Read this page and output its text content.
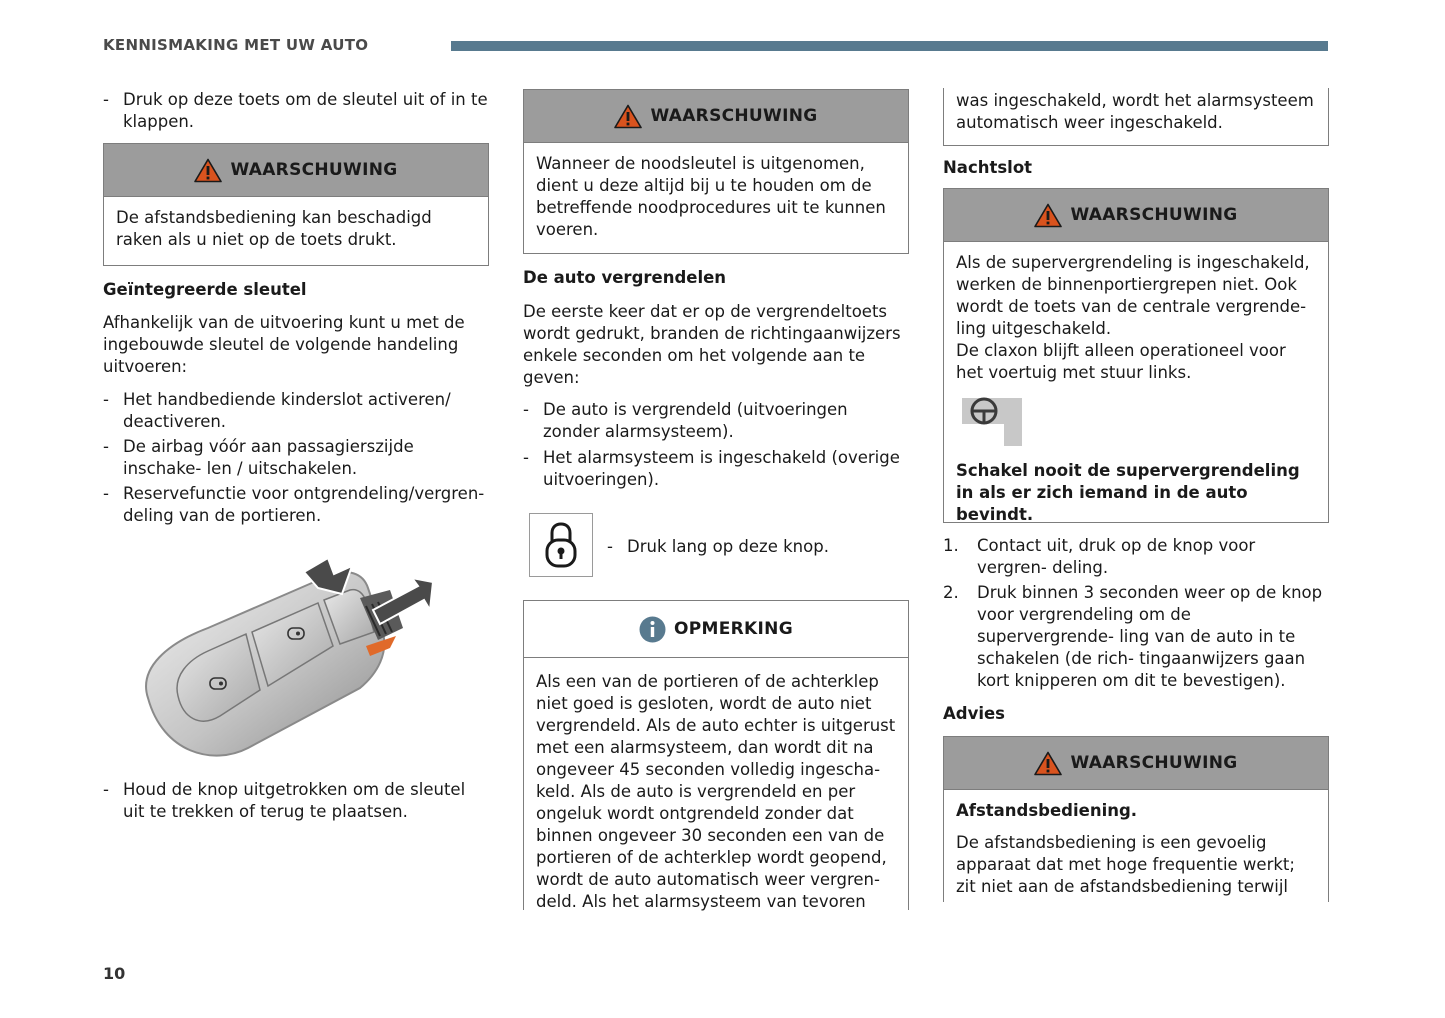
KENNISMAKING MET UW AUTO
- Druk op deze toets om de sleutel uit of in te klappen.
WAARSCHUWING
De afstandsbediening kan beschadigd raken als u niet op de toets drukt.
Geïntegreerde sleutel
Afhankelijk van de uitvoering kunt u met de ingebouwde sleutel de volgende handeling uitvoeren:
- Het handbediende kinderslot activeren/ deactiveren.
- De airbag vóór aan passagierszijde inschake- len / uitschakelen.
- Reservefunctie voor ontgrendeling/vergren- deling van de portieren.
- Houd de knop uitgetrokken om de sleutel uit te trekken of terug te plaatsen.
WAARSCHUWING
Wanneer de noodsleutel is uitgenomen, dient u deze altijd bij u te houden om de betreffende noodprocedures uit te kunnen voeren.
De auto vergrendelen
De eerste keer dat er op de vergrendeltoets wordt gedrukt, branden de richtingaanwijzers enkele seconden om het volgende aan te geven:
- De auto is vergrendeld (uitvoeringen zonder alarmsysteem).
- Het alarmsysteem is ingeschakeld (overige uitvoeringen).
- Druk lang op deze knop.
OPMERKING
Als een van de portieren of de achterklep niet goed is gesloten, wordt de auto niet vergrendeld. Als de auto echter is uitgerust met een alarmsysteem, dan wordt dit na ongeveer 45 seconden volledig ingescha- keld. Als de auto is vergrendeld en per ongeluk wordt ontgrendeld zonder dat binnen ongeveer 30 seconden een van de portieren of de achterklep wordt geopend, wordt de auto automatisch weer vergren- deld. Als het alarmsysteem van tevoren
was ingeschakeld, wordt het alarmsysteem automatisch weer ingeschakeld.
Nachtslot
WAARSCHUWING
Als de supervergrendeling is ingeschakeld, werken de binnenportiergrepen niet. Ook wordt de toets van de centrale vergrende- ling uitgeschakeld.
De claxon blijft alleen operationeel voor het voertuig met stuur links.
Schakel nooit de supervergrendeling in als er zich iemand in de auto bevindt.
1. Contact uit, druk op de knop voor vergren- deling.
2. Druk binnen 3 seconden weer op de knop voor vergrendeling om de supervergrende- ling van de auto in te schakelen (de rich- tingaanwijzers gaan kort knipperen om dit te bevestigen).
Advies
WAARSCHUWING
Afstandsbediening.
De afstandsbediening is een gevoelig apparaat dat met hoge frequentie werkt; zit niet aan de afstandsbediening terwijl
10
